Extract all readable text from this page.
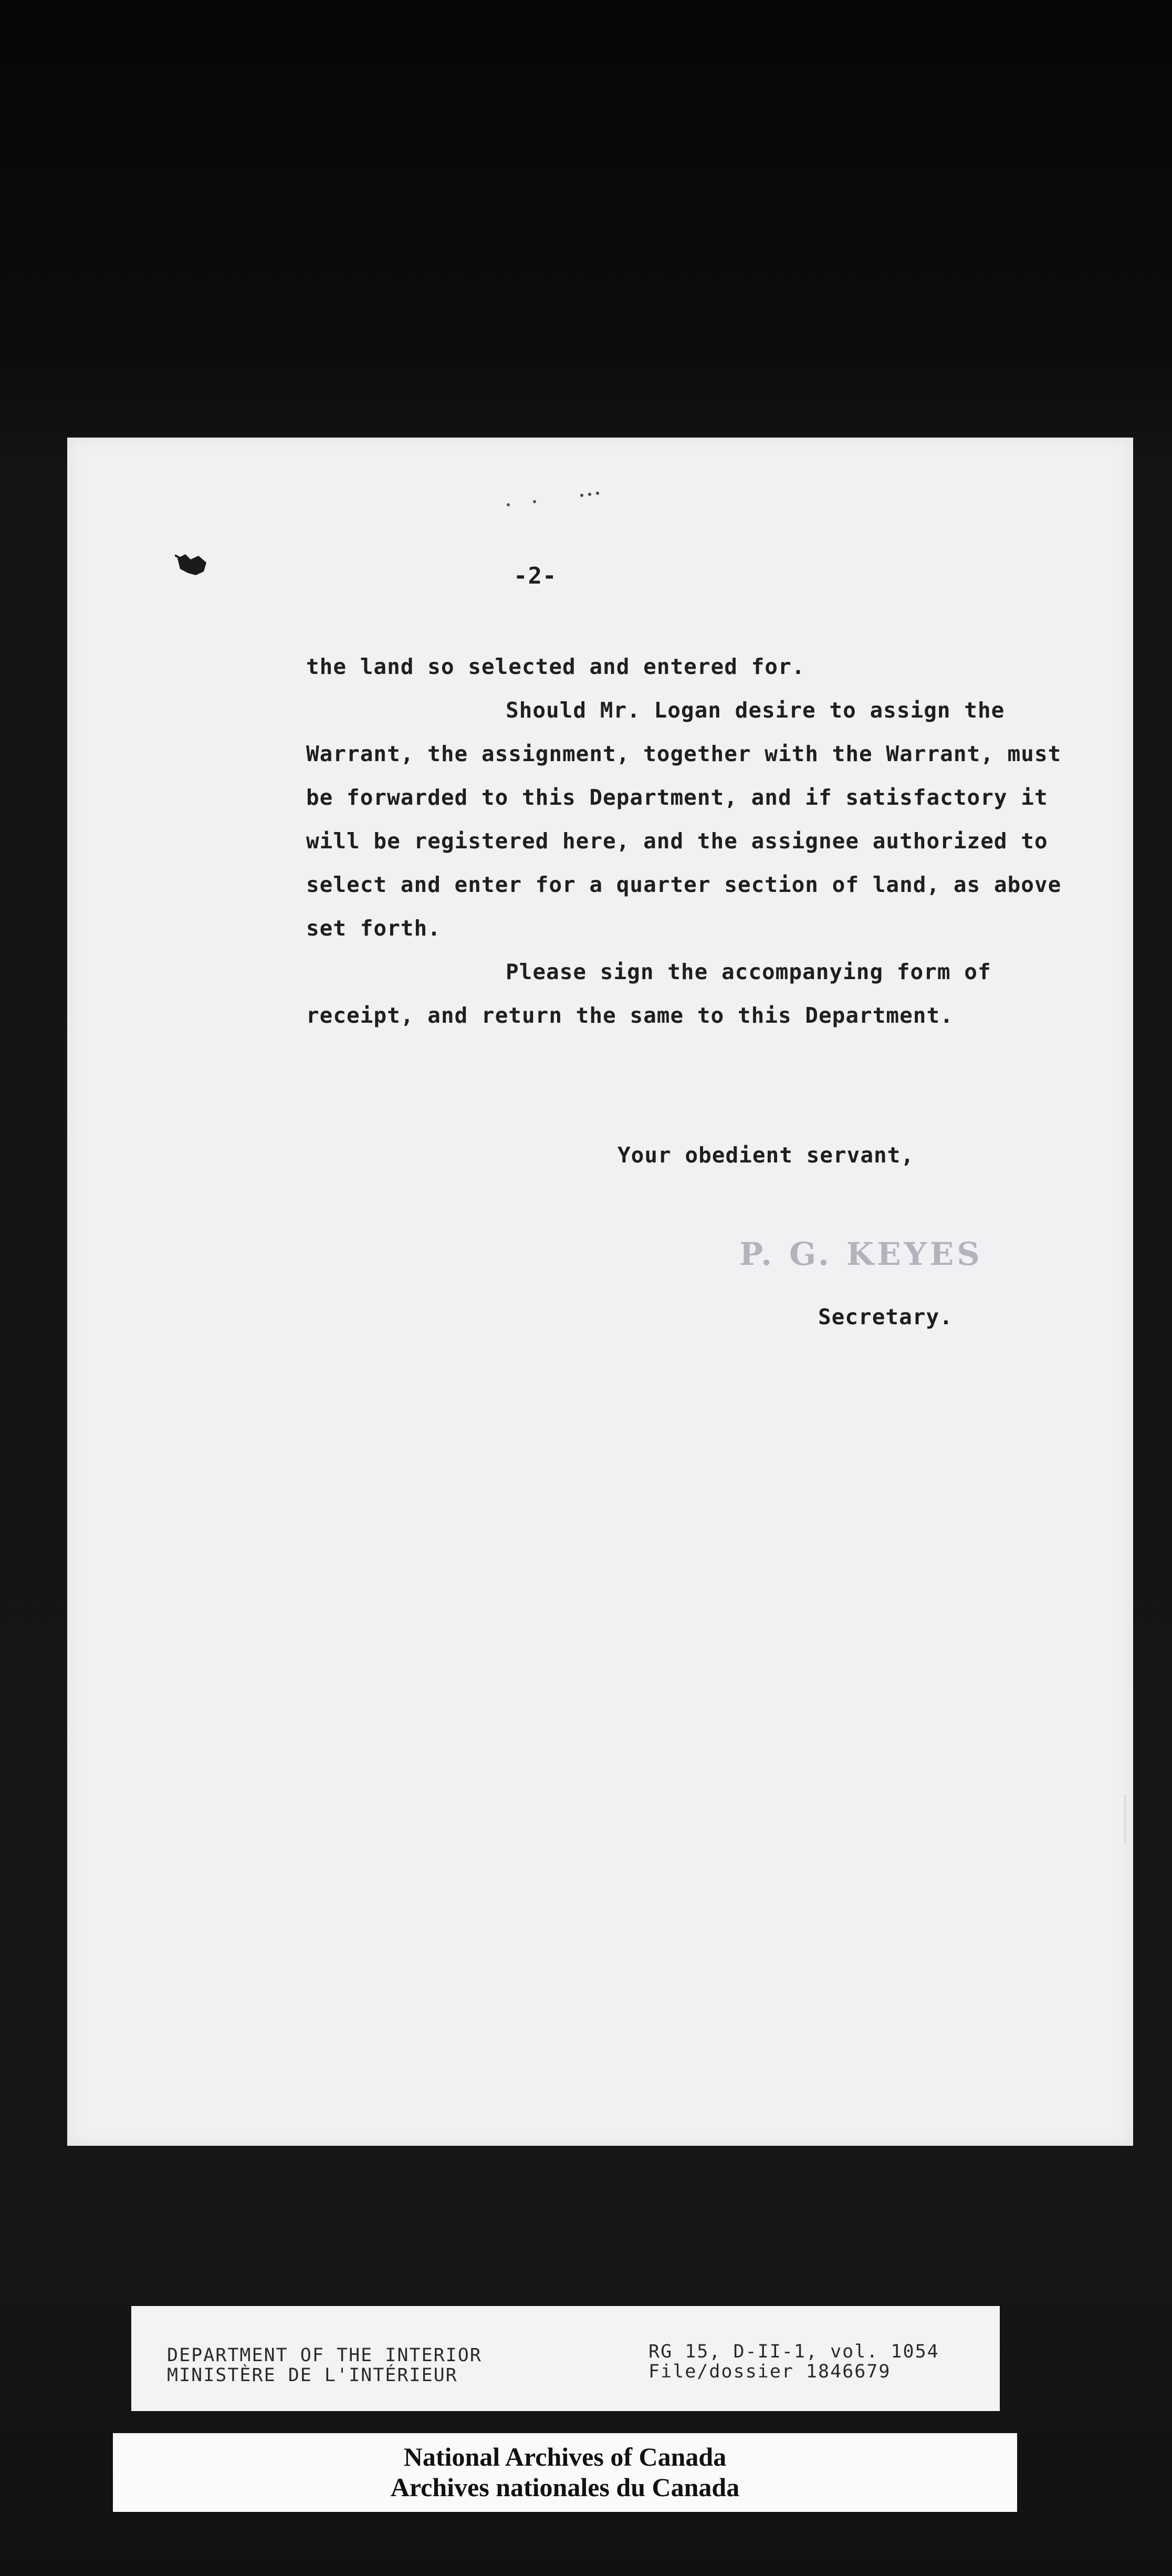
-2-
the land so selected and entered for.
Should Mr. Logan desire to assign the
Warrant, the assignment, together with the Warrant, must
be forwarded to this Department, and if satisfactory it
will be registered here, and the assignee authorized to
select and enter for a quarter section of land, as above
set forth.
Please sign the accompanying form of
receipt, and return the same to this Department.
Your obedient servant,
P. G. KEYES
Secretary.
DEPARTMENT OF THE INTERIOR
MINISTÈRE DE L'INTÉRIEUR
RG 15, D-II-1, vol. 1054
File/dossier 1846679
National Archives of Canada
Archives nationales du Canada
